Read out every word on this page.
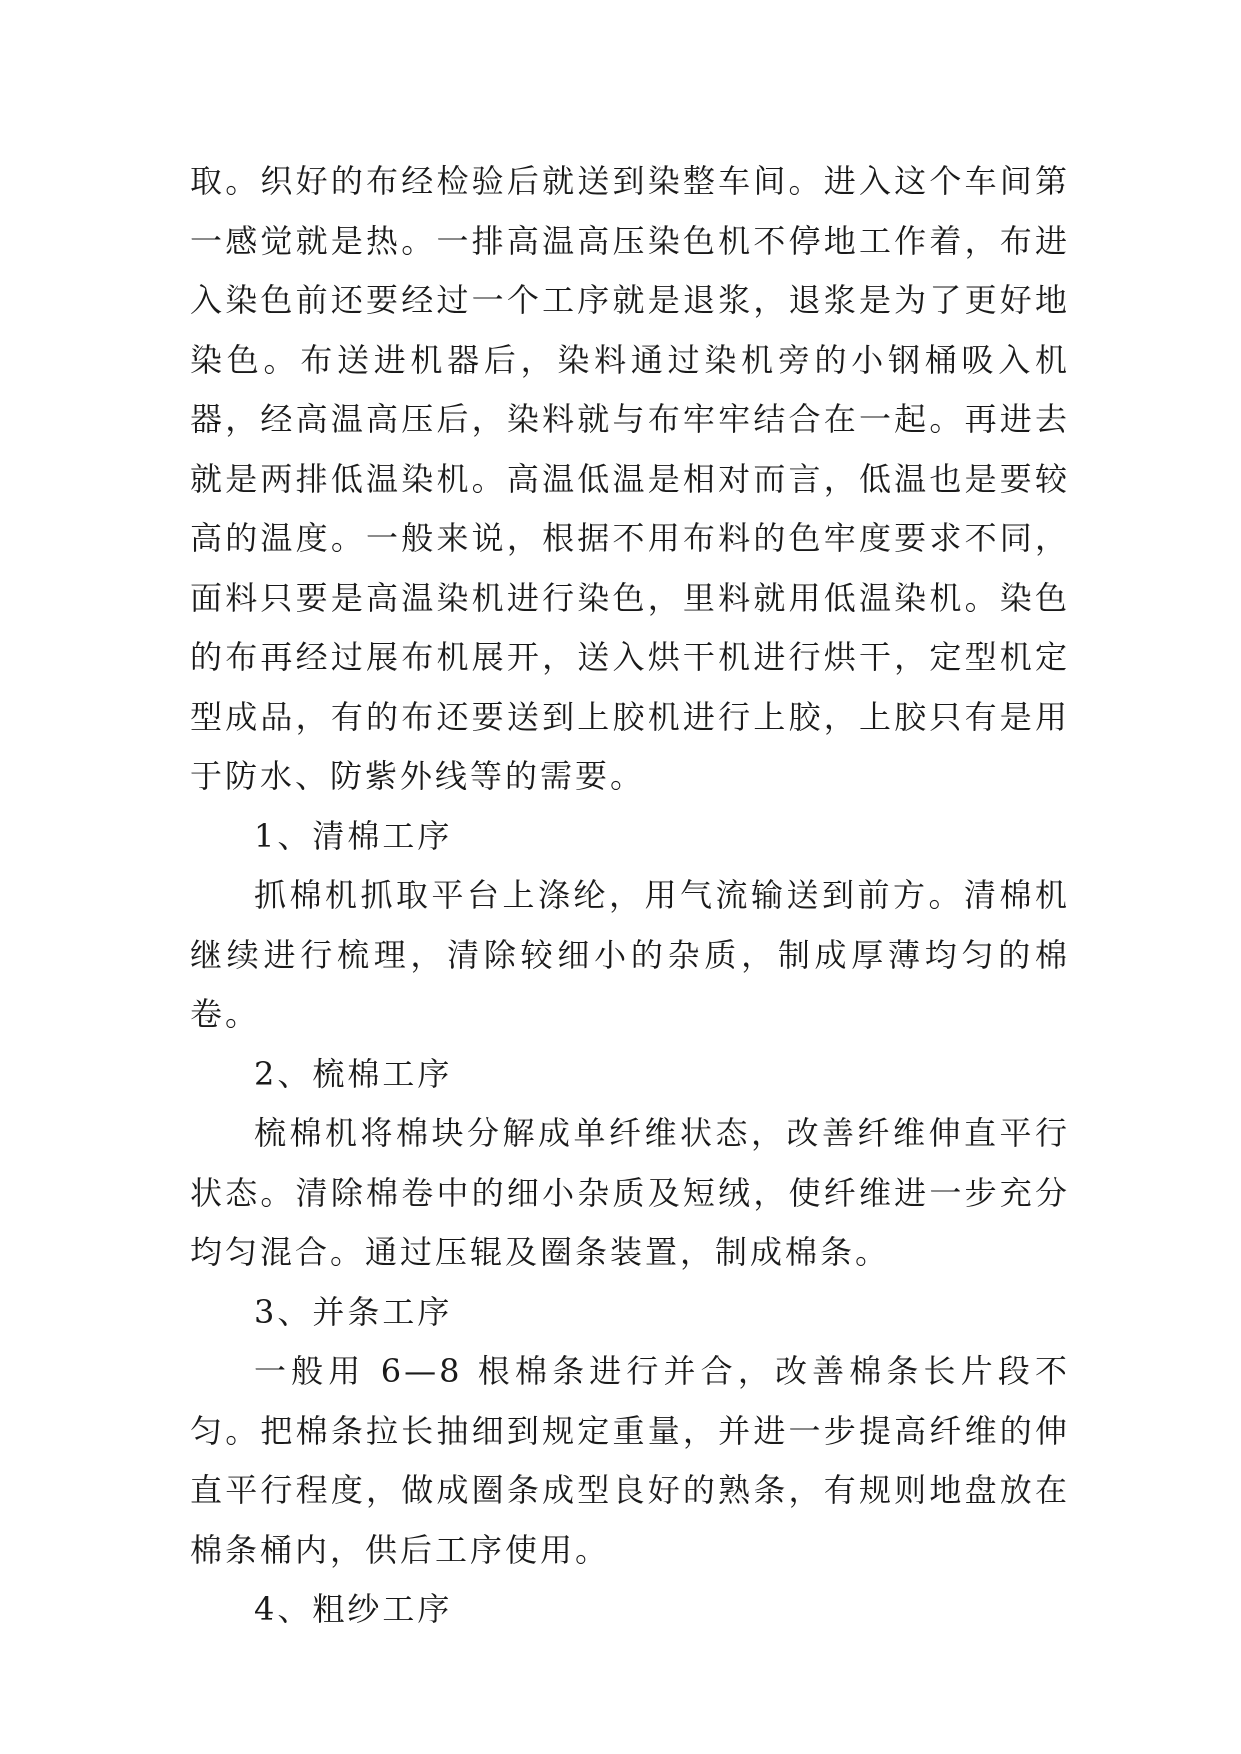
取。织好的布经检验后就送到染整车间。进入这个车间第一感觉就是热。一排高温高压染色机不停地工作着，布进入染色前还要经过一个工序就是退浆，退浆是为了更好地染色。布送进机器后，染料通过染机旁的小钢桶吸入机器，经高温高压后，染料就与布牢牢结合在一起。再进去就是两排低温染机。高温低温是相对而言，低温也是要较高的温度。一般来说，根据不用布料的色牢度要求不同，面料只要是高温染机进行染色，里料就用低温染机。染色的布再经过展布机展开，送入烘干机进行烘干，定型机定型成品，有的布还要送到上胶机进行上胶，上胶只有是用于防水、防紫外线等的需要。

1、清棉工序

抓棉机抓取平台上涤纶，用气流输送到前方。清棉机继续进行梳理，清除较细小的杂质，制成厚薄均匀的棉卷。

2、梳棉工序

梳棉机将棉块分解成单纤维状态，改善纤维伸直平行状态。清除棉卷中的细小杂质及短绒，使纤维进一步充分均匀混合。通过压辊及圈条装置，制成棉条。

3、并条工序

一般用 6—8 根棉条进行并合，改善棉条长片段不匀。把棉条拉长抽细到规定重量，并进一步提高纤维的伸直平行程度，做成圈条成型良好的熟条，有规则地盘放在棉条桶内，供后工序使用。

4、粗纱工序
